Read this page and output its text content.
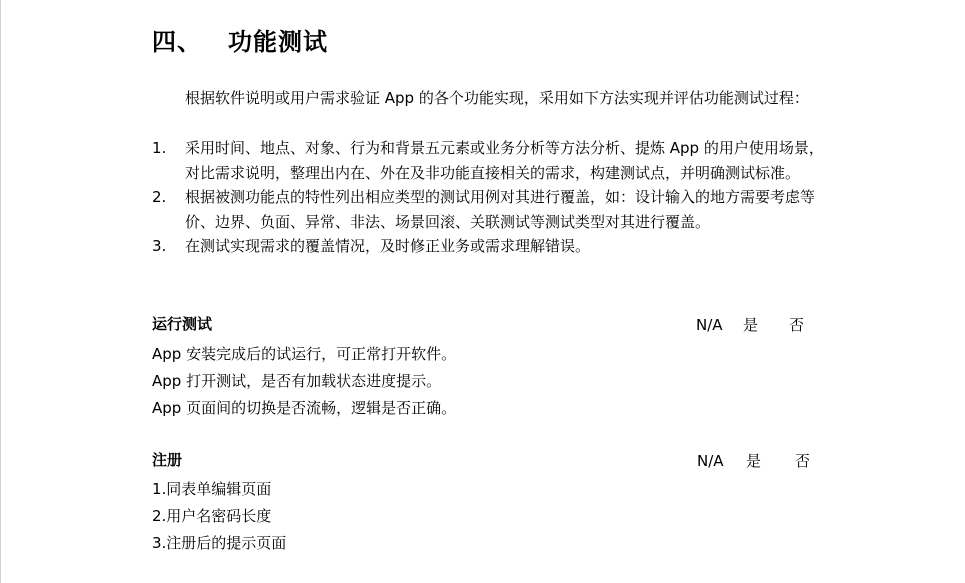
四、 功能测试
根据软件说明或用户需求验证 App 的各个功能实现，采用如下方法实现并评估功能测试过程：
1. 采用时间、地点、对象、行为和背景五元素或业务分析等方法分析、提炼 App 的用户使用场景，对比需求说明，整理出内在、外在及非功能直接相关的需求，构建测试点，并明确测试标准。
2. 根据被测功能点的特性列出相应类型的测试用例对其进行覆盖，如：设计输入的地方需要考虑等价、边界、负面、异常、非法、场景回滚、关联测试等测试类型对其进行覆盖。
3. 在测试实现需求的覆盖情况，及时修正业务或需求理解错误。
运行测试	N/A 是 否
App 安装完成后的试运行，可正常打开软件。
App 打开测试，是否有加载状态进度提示。
App 页面间的切换是否流畅，逻辑是否正确。
注册	N/A 是 否
1.同表单编辑页面
2.用户名密码长度
3.注册后的提示页面
